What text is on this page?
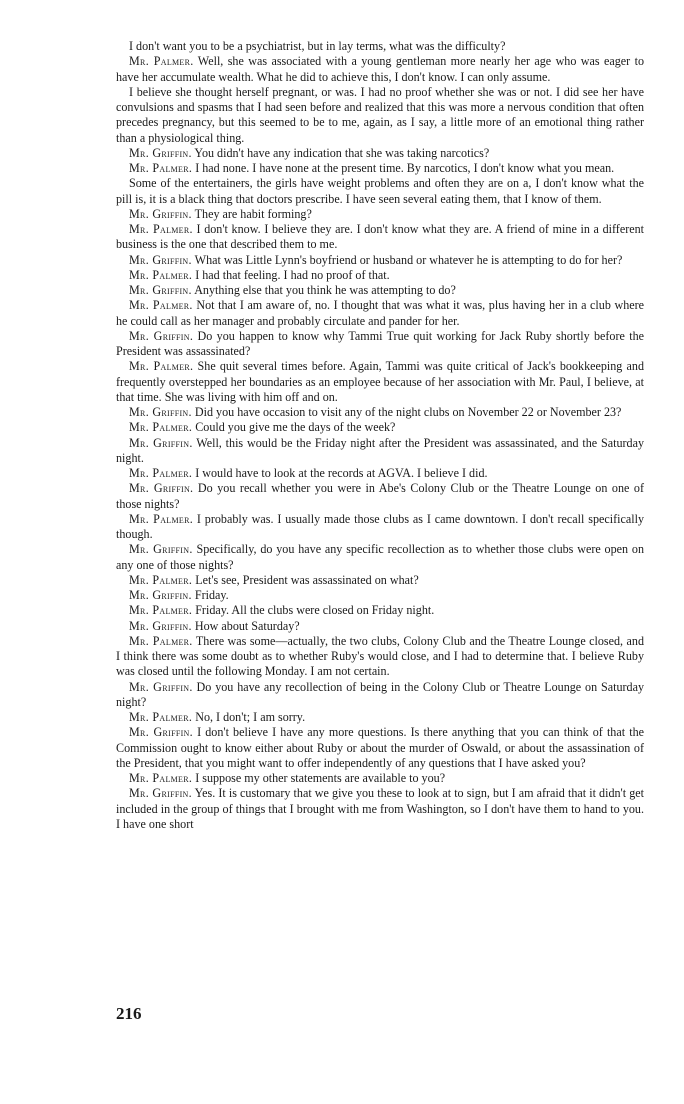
I don't want you to be a psychiatrist, but in lay terms, what was the difficulty?

Mr. Palmer. Well, she was associated with a young gentleman more nearly her age who was eager to have her accumulate wealth. What he did to achieve this, I don't know. I can only assume.

I believe she thought herself pregnant, or was. I had no proof whether she was or not. I did see her have convulsions and spasms that I had seen before and realized that this was more a nervous condition that often precedes pregnancy, but this seemed to be to me, again, as I say, a little more of an emotional thing rather than a physiological thing.

Mr. Griffin. You didn't have any indication that she was taking narcotics?

Mr. Palmer. I had none. I have none at the present time. By narcotics, I don't know what you mean.

Some of the entertainers, the girls have weight problems and often they are on a, I don't know what the pill is, it is a black thing that doctors prescribe. I have seen several eating them, that I know of them.

Mr. Griffin. They are habit forming?

Mr. Palmer. I don't know. I believe they are. I don't know what they are. A friend of mine in a different business is the one that described them to me.

Mr. Griffin. What was Little Lynn's boyfriend or husband or whatever he is attempting to do for her?

Mr. Palmer. I had that feeling. I had no proof of that.

Mr. Griffin. Anything else that you think he was attempting to do?

Mr. Palmer. Not that I am aware of, no. I thought that was what it was, plus having her in a club where he could call as her manager and probably circulate and pander for her.

Mr. Griffin. Do you happen to know why Tammi True quit working for Jack Ruby shortly before the President was assassinated?

Mr. Palmer. She quit several times before. Again, Tammi was quite critical of Jack's bookkeeping and frequently overstepped her boundaries as an employee because of her association with Mr. Paul, I believe, at that time. She was living with him off and on.

Mr. Griffin. Did you have occasion to visit any of the night clubs on November 22 or November 23?

Mr. Palmer. Could you give me the days of the week?

Mr. Griffin. Well, this would be the Friday night after the President was assassinated, and the Saturday night.

Mr. Palmer. I would have to look at the records at AGVA. I believe I did.

Mr. Griffin. Do you recall whether you were in Abe's Colony Club or the Theatre Lounge on one of those nights?

Mr. Palmer. I probably was. I usually made those clubs as I came downtown. I don't recall specifically though.

Mr. Griffin. Specifically, do you have any specific recollection as to whether those clubs were open on any one of those nights?

Mr. Palmer. Let's see, President was assassinated on what?

Mr. Griffin. Friday.

Mr. Palmer. Friday. All the clubs were closed on Friday night.

Mr. Griffin. How about Saturday?

Mr. Palmer. There was some—actually, the two clubs, Colony Club and the Theatre Lounge closed, and I think there was some doubt as to whether Ruby's would close, and I had to determine that. I believe Ruby was closed until the following Monday. I am not certain.

Mr. Griffin. Do you have any recollection of being in the Colony Club or Theatre Lounge on Saturday night?

Mr. Palmer. No, I don't; I am sorry.

Mr. Griffin. I don't believe I have any more questions. Is there anything that you can think of that the Commission ought to know either about Ruby or about the murder of Oswald, or about the assassination of the President, that you might want to offer independently of any questions that I have asked you?

Mr. Palmer. I suppose my other statements are available to you?

Mr. Griffin. Yes. It is customary that we give you these to look at to sign, but I am afraid that it didn't get included in the group of things that I brought with me from Washington, so I don't have them to hand to you. I have one short

216
